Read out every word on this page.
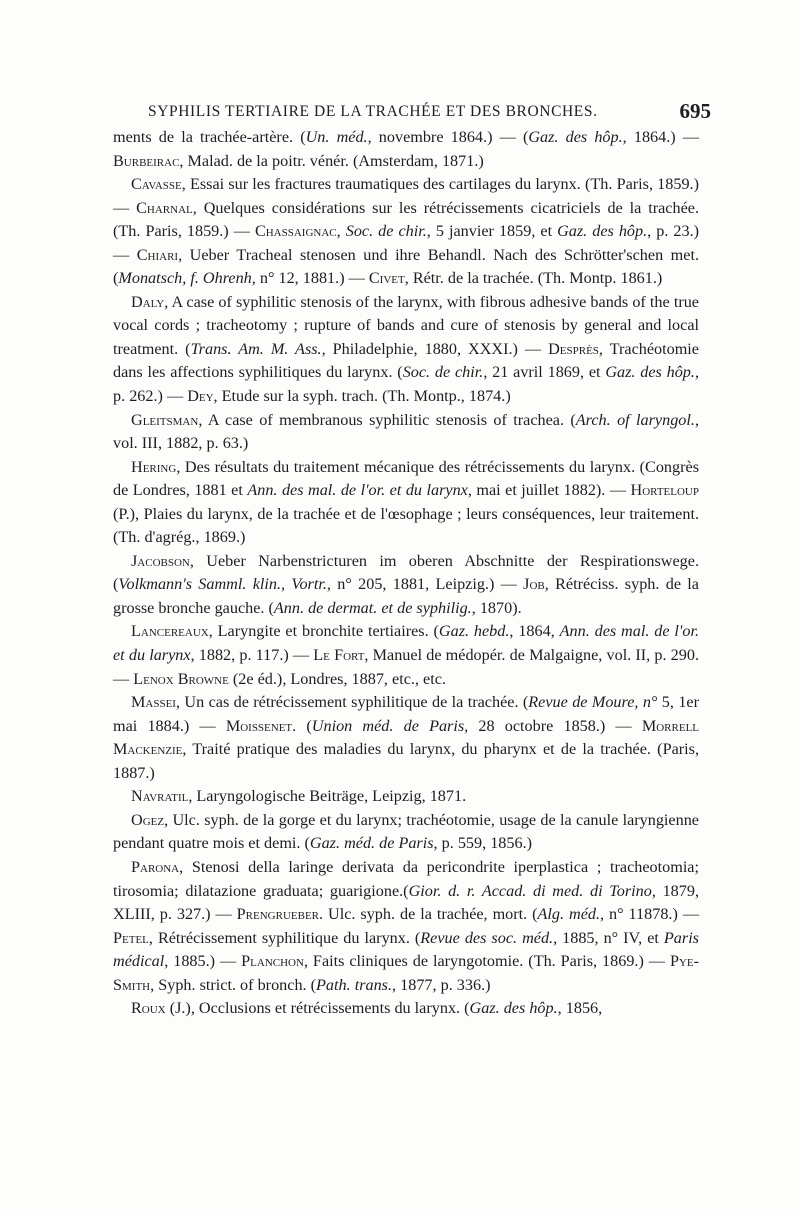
SYPHILIS TERTIAIRE DE LA TRACHÉE ET DES BRONCHES.	695

ments de la trachée-artère. (Un. méd., novembre 1864.) — (Gaz. des hôp., 1864.) — Burbeirac, Malad. de la poitr. vénér. (Amsterdam, 1871.)

Cavasse, Essai sur les fractures traumatiques des cartilages du larynx. (Th. Paris, 1859.) — Charnal, Quelques considérations sur les rétrécissements cicatriciels de la trachée. (Th. Paris, 1859.) — Chassaignac, Soc. de chir., 5 janvier 1859, et Gaz. des hôp., p. 23.) — Chiari, Ueber Tracheal stenosen und ihre Behandl. Nach des Schrötter'schen met. (Monatsch, f. Ohrenh, n° 12, 1881.) — Civet, Rétr. de la trachée. (Th. Montp. 1861.)

Daly, A case of syphilitic stenosis of the larynx, with fibrous adhesive bands of the true vocal cords ; tracheotomy ; rupture of bands and cure of stenosis by general and local treatment. (Trans. Am. M. Ass., Philadelphie, 1880, XXXI.) — Desprès, Trachéotomie dans les affections syphilitiques du larynx. (Soc. de chir., 21 avril 1869, et Gaz. des hôp., p. 262.) — Dey, Etude sur la syph. trach. (Th. Montp., 1874.)

Gleitsman, A case of membranous syphilitic stenosis of trachea. (Arch. of laryngol., vol. III, 1882, p. 63.)

Hering, Des résultats du traitement mécanique des rétrécissements du larynx. (Congrès de Londres, 1881 et Ann. des mal. de l'or. et du larynx, mai et juillet 1882). — Horteloup (P.), Plaies du larynx, de la trachée et de l'œsophage ; leurs conséquences, leur traitement. (Th. d'agrég., 1869.)

Jacobson, Ueber Narbenstricturen im oberen Abschnitte der Respirationswege. (Volkmann's Samml. klin., Vortr., n° 205, 1881, Leipzig.) — Job, Rétréciss. syph. de la grosse bronche gauche. (Ann. de dermat. et de syphilig., 1870).

Lancereaux, Laryngite et bronchite tertiaires. (Gaz. hebd., 1864, Ann. des mal. de l'or. et du larynx, 1882, p. 117.) — Le Fort, Manuel de médopér. de Malgaigne, vol. II, p. 290. — Lenox Browne (2e éd.), Londres, 1887, etc., etc.

Massei, Un cas de rétrécissement syphilitique de la trachée. (Revue de Moure, n° 5, 1er mai 1884.) — Moissenet. (Union méd. de Paris, 28 octobre 1858.) — Morrell Mackenzie, Traité pratique des maladies du larynx, du pharynx et de la trachée. (Paris, 1887.)

Navratil, Laryngologische Beiträge, Leipzig, 1871.

Ogez, Ulc. syph. de la gorge et du larynx; trachéotomie, usage de la canule laryngienne pendant quatre mois et demi. (Gaz. méd. de Paris, p. 559, 1856.)

Parona, Stenosi della laringe derivata da pericondrite iperplastica ; tracheotomia; tirosomia; dilatazione graduata; guarigione.(Gior. d. r. Accad. di med. di Torino, 1879, XLIII, p. 327.) — Prengrueber. Ulc. syph. de la trachée, mort. (Alg. méd., n° 11878.) — Petel, Rétrécissement syphilitique du larynx. (Revue des soc. méd., 1885, n° IV, et Paris médical, 1885.) — Planchon, Faits cliniques de laryngotomie. (Th. Paris, 1869.) — Pye-Smith, Syph. strict. of bronch. (Path. trans., 1877, p. 336.)

Roux (J.), Occlusions et rétrécissements du larynx. (Gaz. des hôp., 1856,
